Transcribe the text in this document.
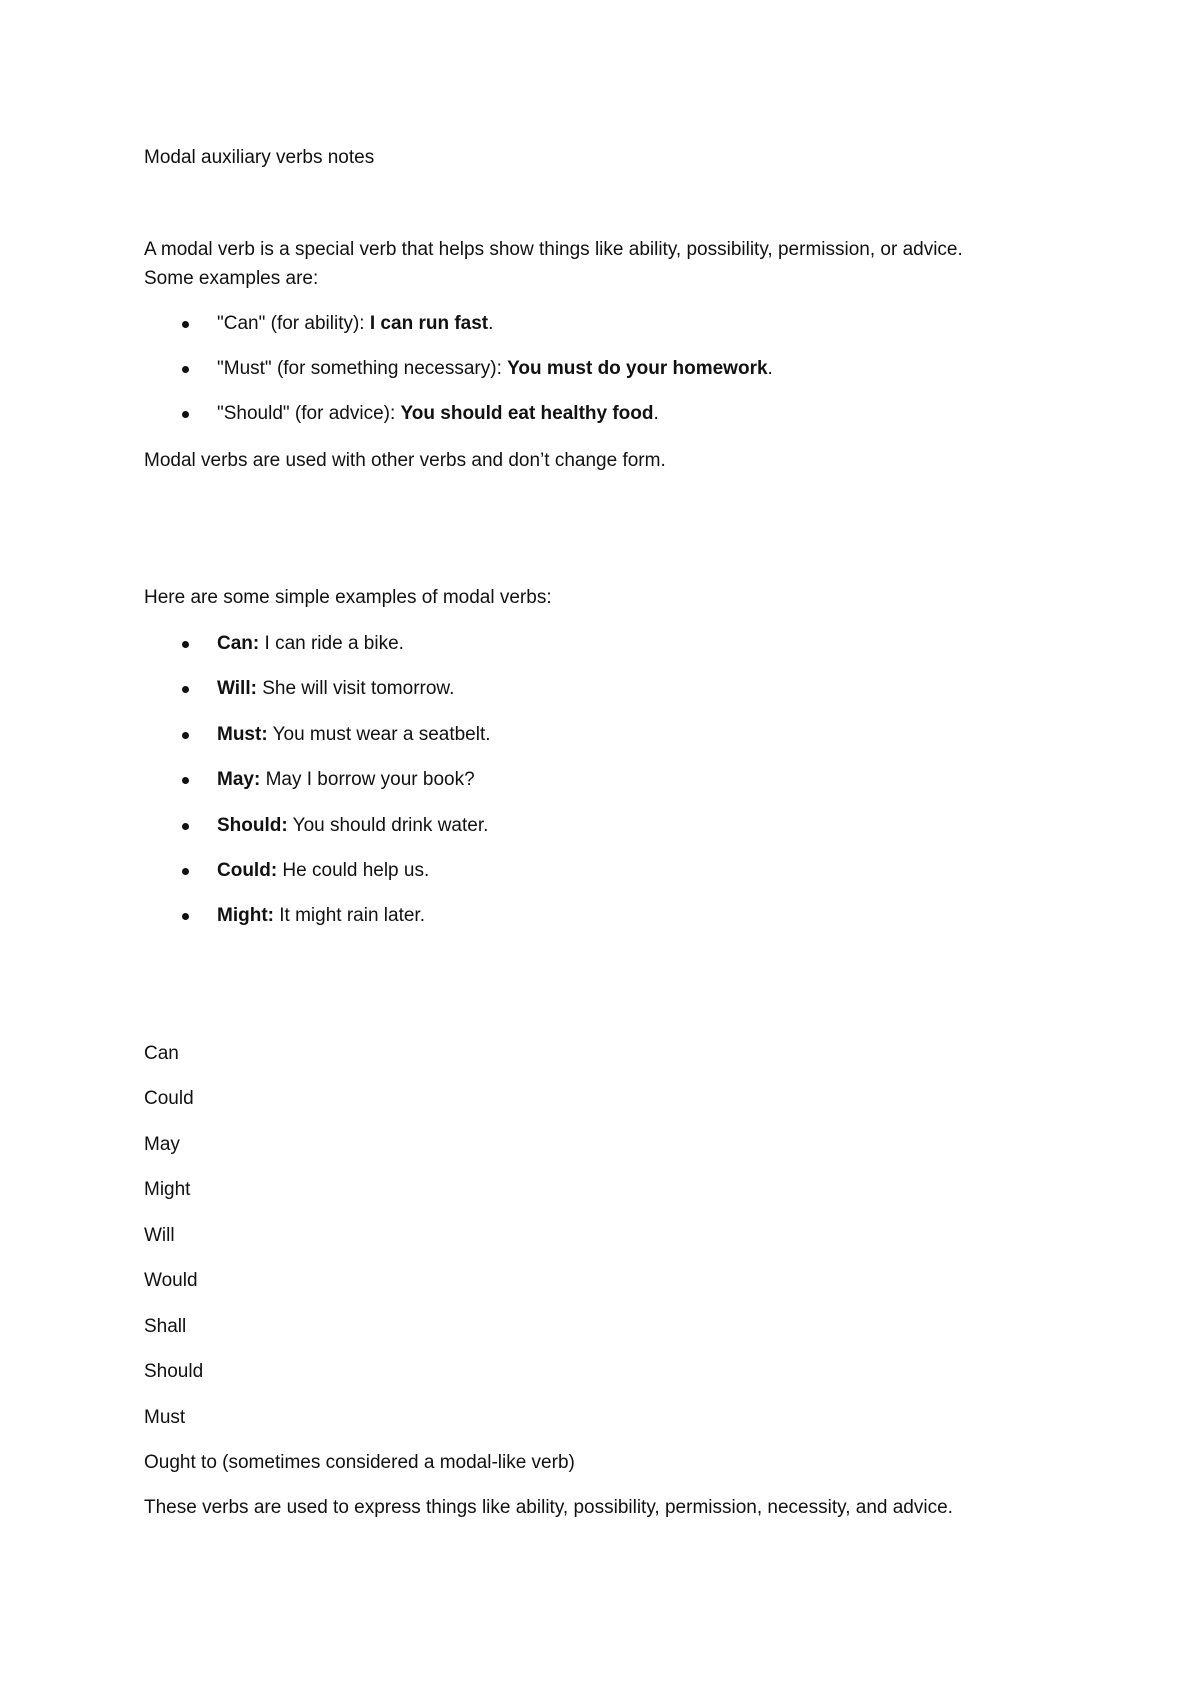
Modal auxiliary verbs notes
A modal verb is a special verb that helps show things like ability, possibility, permission, or advice.
Some examples are:
"Can" (for ability): I can run fast.
"Must" (for something necessary): You must do your homework.
"Should" (for advice): You should eat healthy food.
Modal verbs are used with other verbs and don’t change form.
Here are some simple examples of modal verbs:
Can: I can ride a bike.
Will: She will visit tomorrow.
Must: You must wear a seatbelt.
May: May I borrow your book?
Should: You should drink water.
Could: He could help us.
Might: It might rain later.
Can
Could
May
Might
Will
Would
Shall
Should
Must
Ought to (sometimes considered a modal-like verb)
These verbs are used to express things like ability, possibility, permission, necessity, and advice.
